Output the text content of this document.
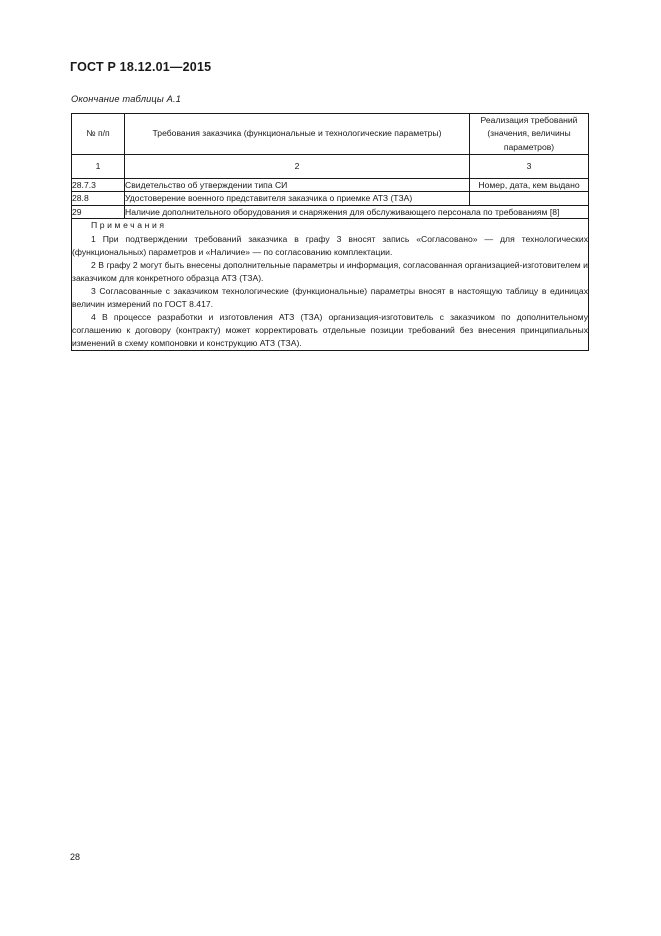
ГОСТ Р 18.12.01—2015
Окончание таблицы А.1
№ п/п	Требования заказчика (функциональные и технологические параметры)	Реализация требований
(значения, величины
параметров)
1	2	3
28.7.3	Свидетельство об утверждении типа СИ	Номер, дата, кем выдано
28.8	Удостоверение военного представителя заказчика о приемке АТЗ (ТЗА)	
29	Наличие дополнительного оборудования и снаряжения для обслуживающего персонала по требованиям [8]	

Примечания

1 При подтверждении требований заказчика в графу 3 вносят запись «Согласовано» — для технологических (функциональных) параметров и «Наличие» — по согласованию комплектации.

2 В графу 2 могут быть внесены дополнительные параметры и информация, согласованная организацией-изготовителем и заказчиком для конкретного образца АТЗ (ТЗА).

3 Согласованные с заказчиком технологические (функциональные) параметры вносят в настоящую таблицу в единицах величин измерений по ГОСТ 8.417.

4 В процессе разработки и изготовления АТЗ (ТЗА) организация-изготовитель с заказчиком по дополнительному соглашению к договору (контракту) может корректировать отдельные позиции требований без внесения принципиальных изменений в схему компоновки и конструкцию АТЗ (ТЗА).		

28
